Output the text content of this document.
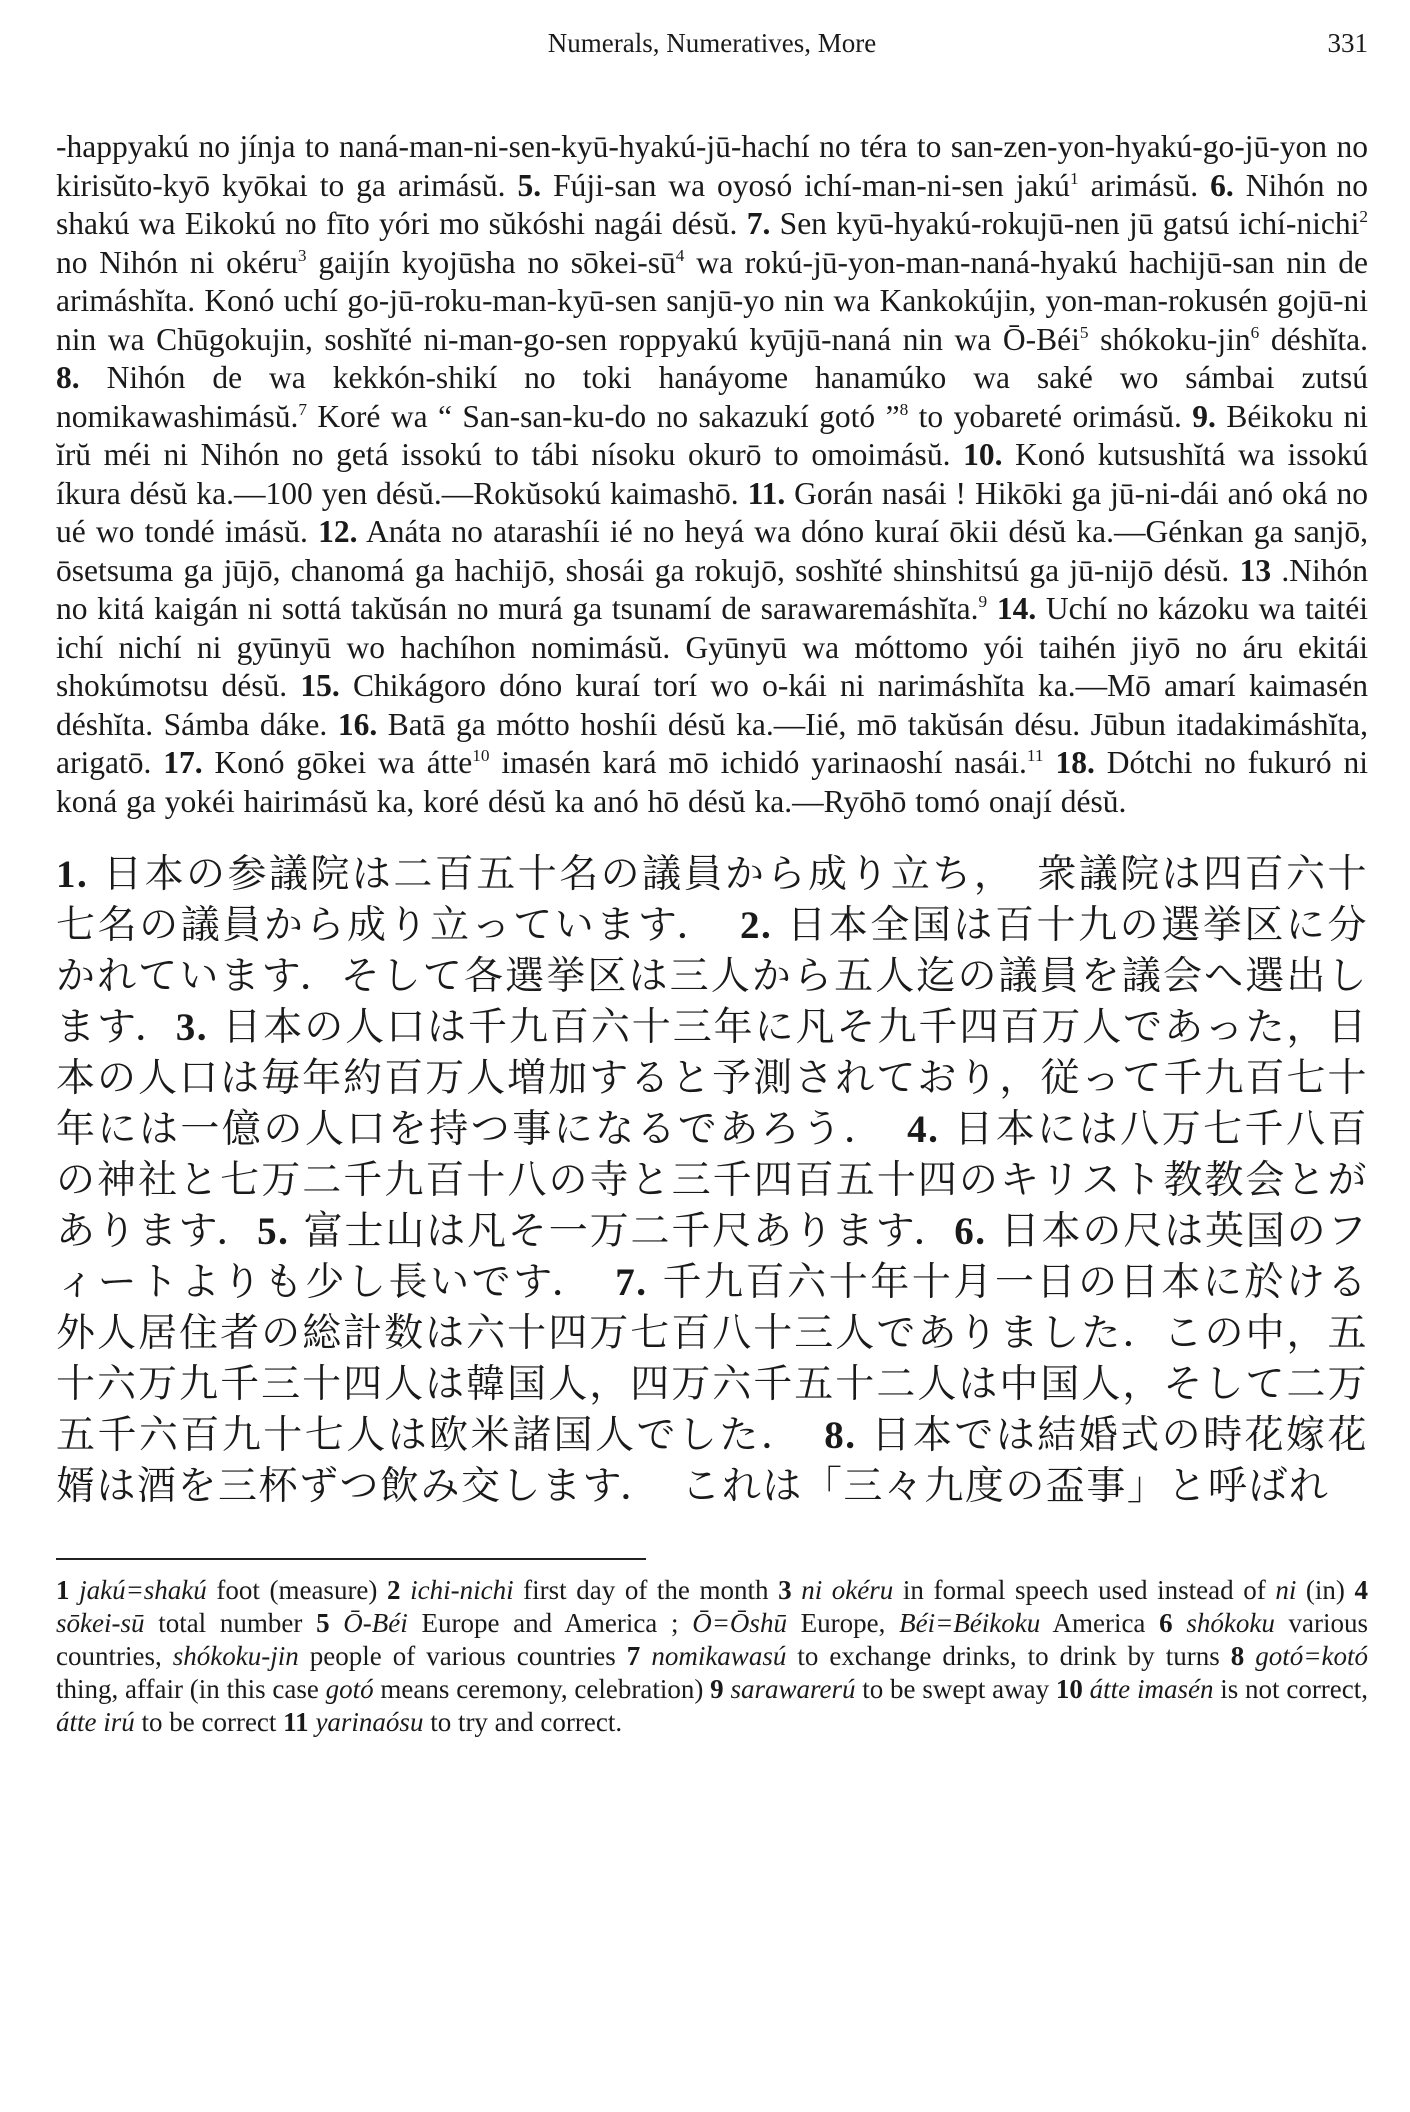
Numerals, Numeratives, More	331

-happyakú no jínja to naná-man-ni-sen-kyū-hyakú-jū-hachí no téra to san-zen-yon-hyakú-go-jū-yon no kirisŭto-kyō kyōkai to ga arimásŭ. 5. Fúji-san wa oyosó ichí-man-ni-sen jakú$^1$ arimásŭ. 6. Nihón no shakú wa Eikokú no fīto yóri mo sŭkóshi nagái désŭ. 7. Sen kyū-hyakú-rokujū-nen jū gatsú ichí-nichi$^2$ no Nihón ni okéru$^3$ gaijín kyojūsha no sōkei-$sū^4$ wa rokú-jū-yon-man-naná-hyakú hachijū-san nin de arimáshĭta. Konó uchí go-jū-roku-man-kyū-sen sanjū-yo nin wa Kankokújin, yon-man-rokusén gojū-ni nin wa Chūgokujin, soshĭté ni-man-go-sen roppyakú kyūjū-naná nin wa Ō-Béi$^5$ shókoku-jin$^6$ déshĭta. 8. Nihón de wa kekkón-shikí no toki hanáyome hanamúko wa saké wo sámbai zutsú nomikawashimásŭ.$^7$ Koré wa “ San-san-ku-do no sakazukí gotó ”$^8$ to yobareté orimásŭ. 9. Béikoku ni ĭrŭ méi ni Nihón no getá issokú to tábi nísoku okurō to omoimásŭ. 10. Konó kutsushĭtá wa issokú íkura désŭ ka.—100 yen désŭ.—Rokŭsokú kaimashō. 11. Gorán nasái ! Hikōki ga jū-ni-dái anó oká no ué wo tondé imásŭ. 12. Anáta no atarashíi ié no heyá wa dóno kuraí ōkii désŭ ka.—Génkan ga sanjō, ōsetsuma ga jūjō, chanomá ga hachijō, shosái ga rokujō, soshĭté shinshitsú ga jū-nijō désŭ. 13 .Nihón no kitá kaigán ni sottá takŭsán no murá ga tsunamí de sarawaremáshĭta.$^9$ 14. Uchí no kázoku wa taitéi ichí nichí ni gyūnyū wo hachíhon nomimásŭ. Gyūnyū wa móttomo yói taihén jiyō no áru ekitái shokúmotsu désŭ. 15. Chikágoro dóno kuraí torí wo o-kái ni narimáshĭta ka.—Mō amarí kaimasén déshĭta. Sámba dáke. 16. Batā ga mótto hoshíi désŭ ka.—Iié, mō takŭsán désu. Jūbun itadakimáshĭta, arigatō. 17. Konó gōkei wa átte$^{10}$ imasén kará mō ichidó yarinaoshí nasái.$^{11}$ 18. Dótchi no fukuró ni koná ga yokéi hairimásŭ ka, koré désŭ ka anó hō désŭ ka.—Ryōhō tomó onají désŭ.

1. 日本の参議院は二百五十名の議員から成り立ち，　衆議院は四百六十七名の議員から成り立っています．　2. 日本全国は百十九の選挙区に分かれています．そして各選挙区は三人から五人迄の議員を議会へ選出します．3. 日本の人口は千九百六十三年に凡そ九千四百万人であった，日本の人口は毎年約百万人増加すると予測されており，従って千九百七十年には一億の人口を持つ事になるであろう．　4. 日本には八万七千八百の神社と七万二千九百十八の寺と三千四百五十四のキリスト教教会とがあります．5. 富士山は凡そ一万二千尺あります．6. 日本の尺は英国のフィートよりも少し長いです．　7. 千九百六十年十月一日の日本に於ける外人居住者の総計数は六十四万七百八十三人でありました．この中，五十六万九千三十四人は韓国人，四万六千五十二人は中国人，そして二万五千六百九十七人は欧米諸国人でした．　8. 日本では結婚式の時花嫁花婿は酒を三杯ずつ飲み交します．　これは「三々九度の盃事」と呼ばれ

1 jakú=shakú foot (measure) 2 ichi-nichi first day of the month 3 ni okéru in formal speech used instead of ni (in) 4 sōkei-sū total number 5 Ō-Béi Europe and America ; Ō=Ōshū Europe, Béi=Béikoku America 6 shókoku various countries, shókoku-jin people of various countries 7 nomikawasú to exchange drinks, to drink by turns 8 gotó=kotó thing, affair (in this case gotó means ceremony, celebration) 9 sarawarerú to be swept away 10 átte imasén is not correct, átte irú to be correct 11 yarinaósu to try and correct.
